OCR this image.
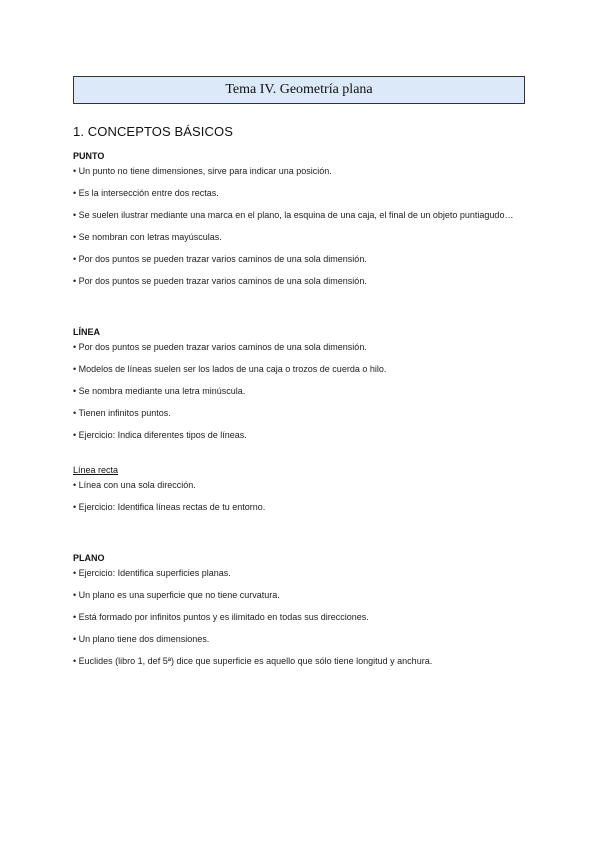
Tema IV. Geometría plana
1. CONCEPTOS BÁSICOS

PUNTO

• Un punto no tiene dimensiones, sirve para indicar una posición.

• Es la intersección entre dos rectas.

• Se suelen ilustrar mediante una marca en el plano, la esquina de una caja, el final de un objeto puntiagudo…

• Se nombran con letras mayúsculas.

• Por dos puntos se pueden trazar varios caminos de una sola dimensión.

• Por dos puntos se pueden trazar varios caminos de una sola dimensión.

LÍNEA

• Por dos puntos se pueden trazar varios caminos de una sola dimensión.

• Modelos de líneas suelen ser los lados de una caja o trozos de cuerda o hilo.

• Se nombra mediante una letra minúscula.

• Tienen infinitos puntos.

• Ejercicio: Indica diferentes tipos de líneas.

Línea recta

• Línea con una sola dirección.

• Ejercicio: Identifica líneas rectas de tu entorno.

PLANO

• Ejercicio: Identifica superficies planas.

• Un plano es una superficie que no tiene curvatura.

• Está formado por infinitos puntos y es ilimitado en todas sus direcciones.

• Un plano tiene dos dimensiones.

• Euclides (libro 1, def 5ª) dice que superficie es aquello que sólo tiene longitud y anchura.
